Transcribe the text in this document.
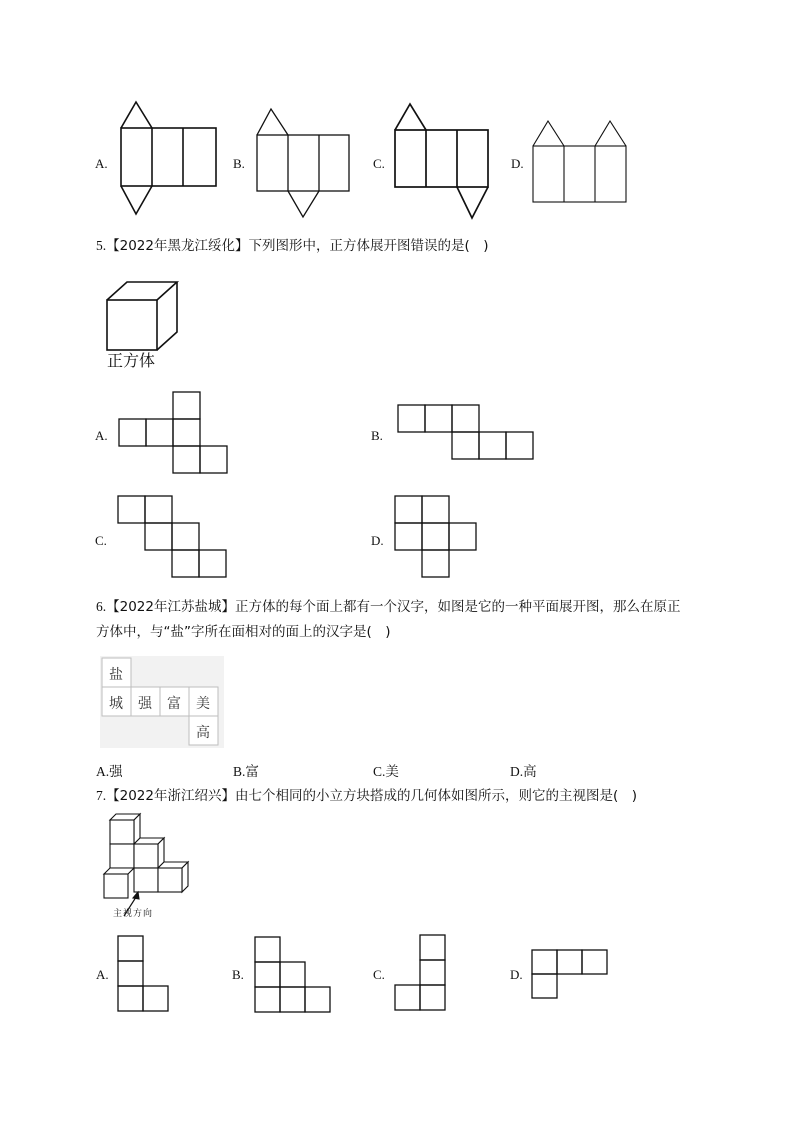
A.	B.	C.	D.
5.【2022年黑龙江绥化】下列图形中，正方体展开图错误的是(　)
正方体
A.	B.
C.	D.
6.【2022年江苏盐城】正方体的每个面上都有一个汉字，如图是它的一种平面展开图，那么在原正
方体中，与“盐”字所在面相对的面上的汉字是(　)
盐
城 强 富 美
高
A.强	B.富	C.美	D.高
7.【2022年浙江绍兴】由七个相同的小立方块搭成的几何体如图所示，则它的主视图是(　)
主视方向
A.	B.	C.	D.
